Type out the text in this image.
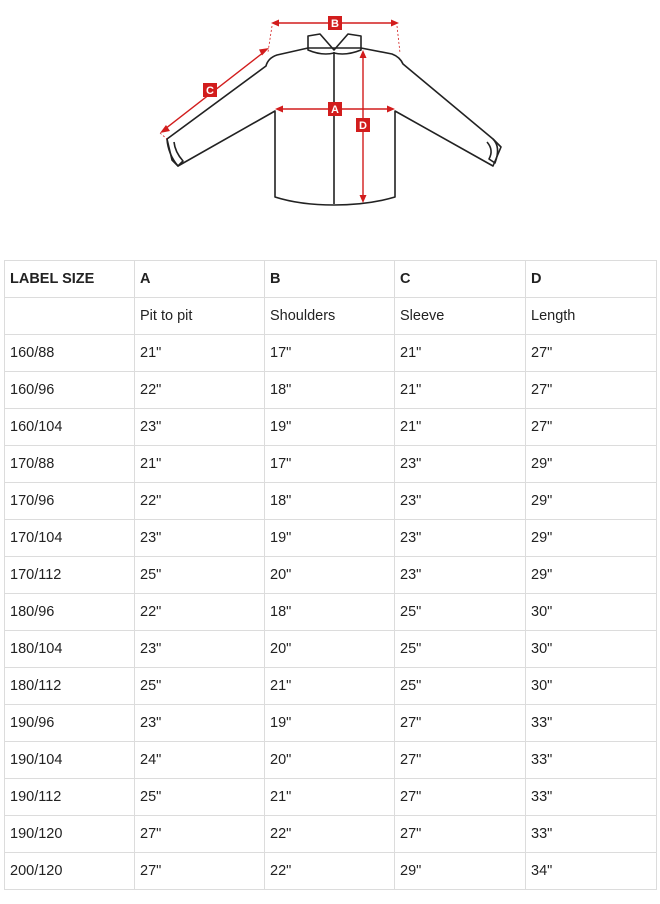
B
C
A
D
LABEL SIZE	A	B	C	D
	Pit to pit	Shoulders	Sleeve	Length
160/88	21"	17"	21"	27"
160/96	22"	18"	21"	27"
160/104	23"	19"	21"	27"
170/88	21"	17"	23"	29"
170/96	22"	18"	23"	29"
170/104	23"	19"	23"	29"
170/112	25"	20"	23"	29"
180/96	22"	18"	25"	30"
180/104	23"	20"	25"	30"
180/112	25"	21"	25"	30"
190/96	23"	19"	27"	33"
190/104	24"	20"	27"	33"
190/112	25"	21"	27"	33"
190/120	27"	22"	27"	33"
200/120	27"	22"	29"	34"
